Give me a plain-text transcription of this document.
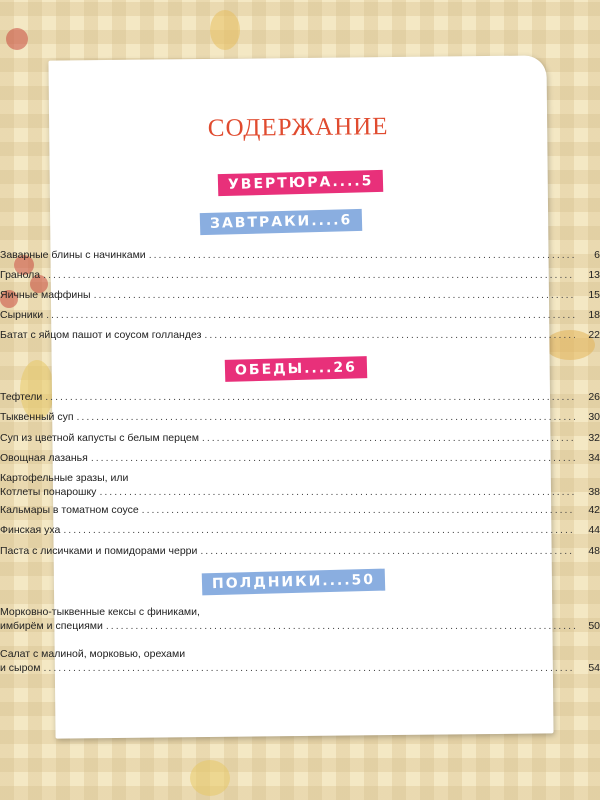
СОДЕРЖАНИЕ
УВЕРТЮРА....5
ЗАВТРАКИ....6
Заварные блины с начинками .....	6
Гранола .....	13
Яичные маффины .....	15
Сырники .....	18
Батат с яйцом пашот и соусом голландез .....	22
ОБЕДЫ....26
Тефтели .....	26
Тыквенный суп .....	30
Суп из цветной капусты с белым перцем .....	32
Овощная лазанья .....	34
Картофельные зразы, или
Котлеты понарошку .....	38
Кальмары в томатном соусе .....	42
Финская уха .....	44
Паста с лисичками и помидорами черри .....	48
ПОЛДНИКИ....50
Морковно-тыквенные кексы с финиками,
имбирём и специями .....	50
Салат с малиной, морковью, орехами
и сыром .....	54
